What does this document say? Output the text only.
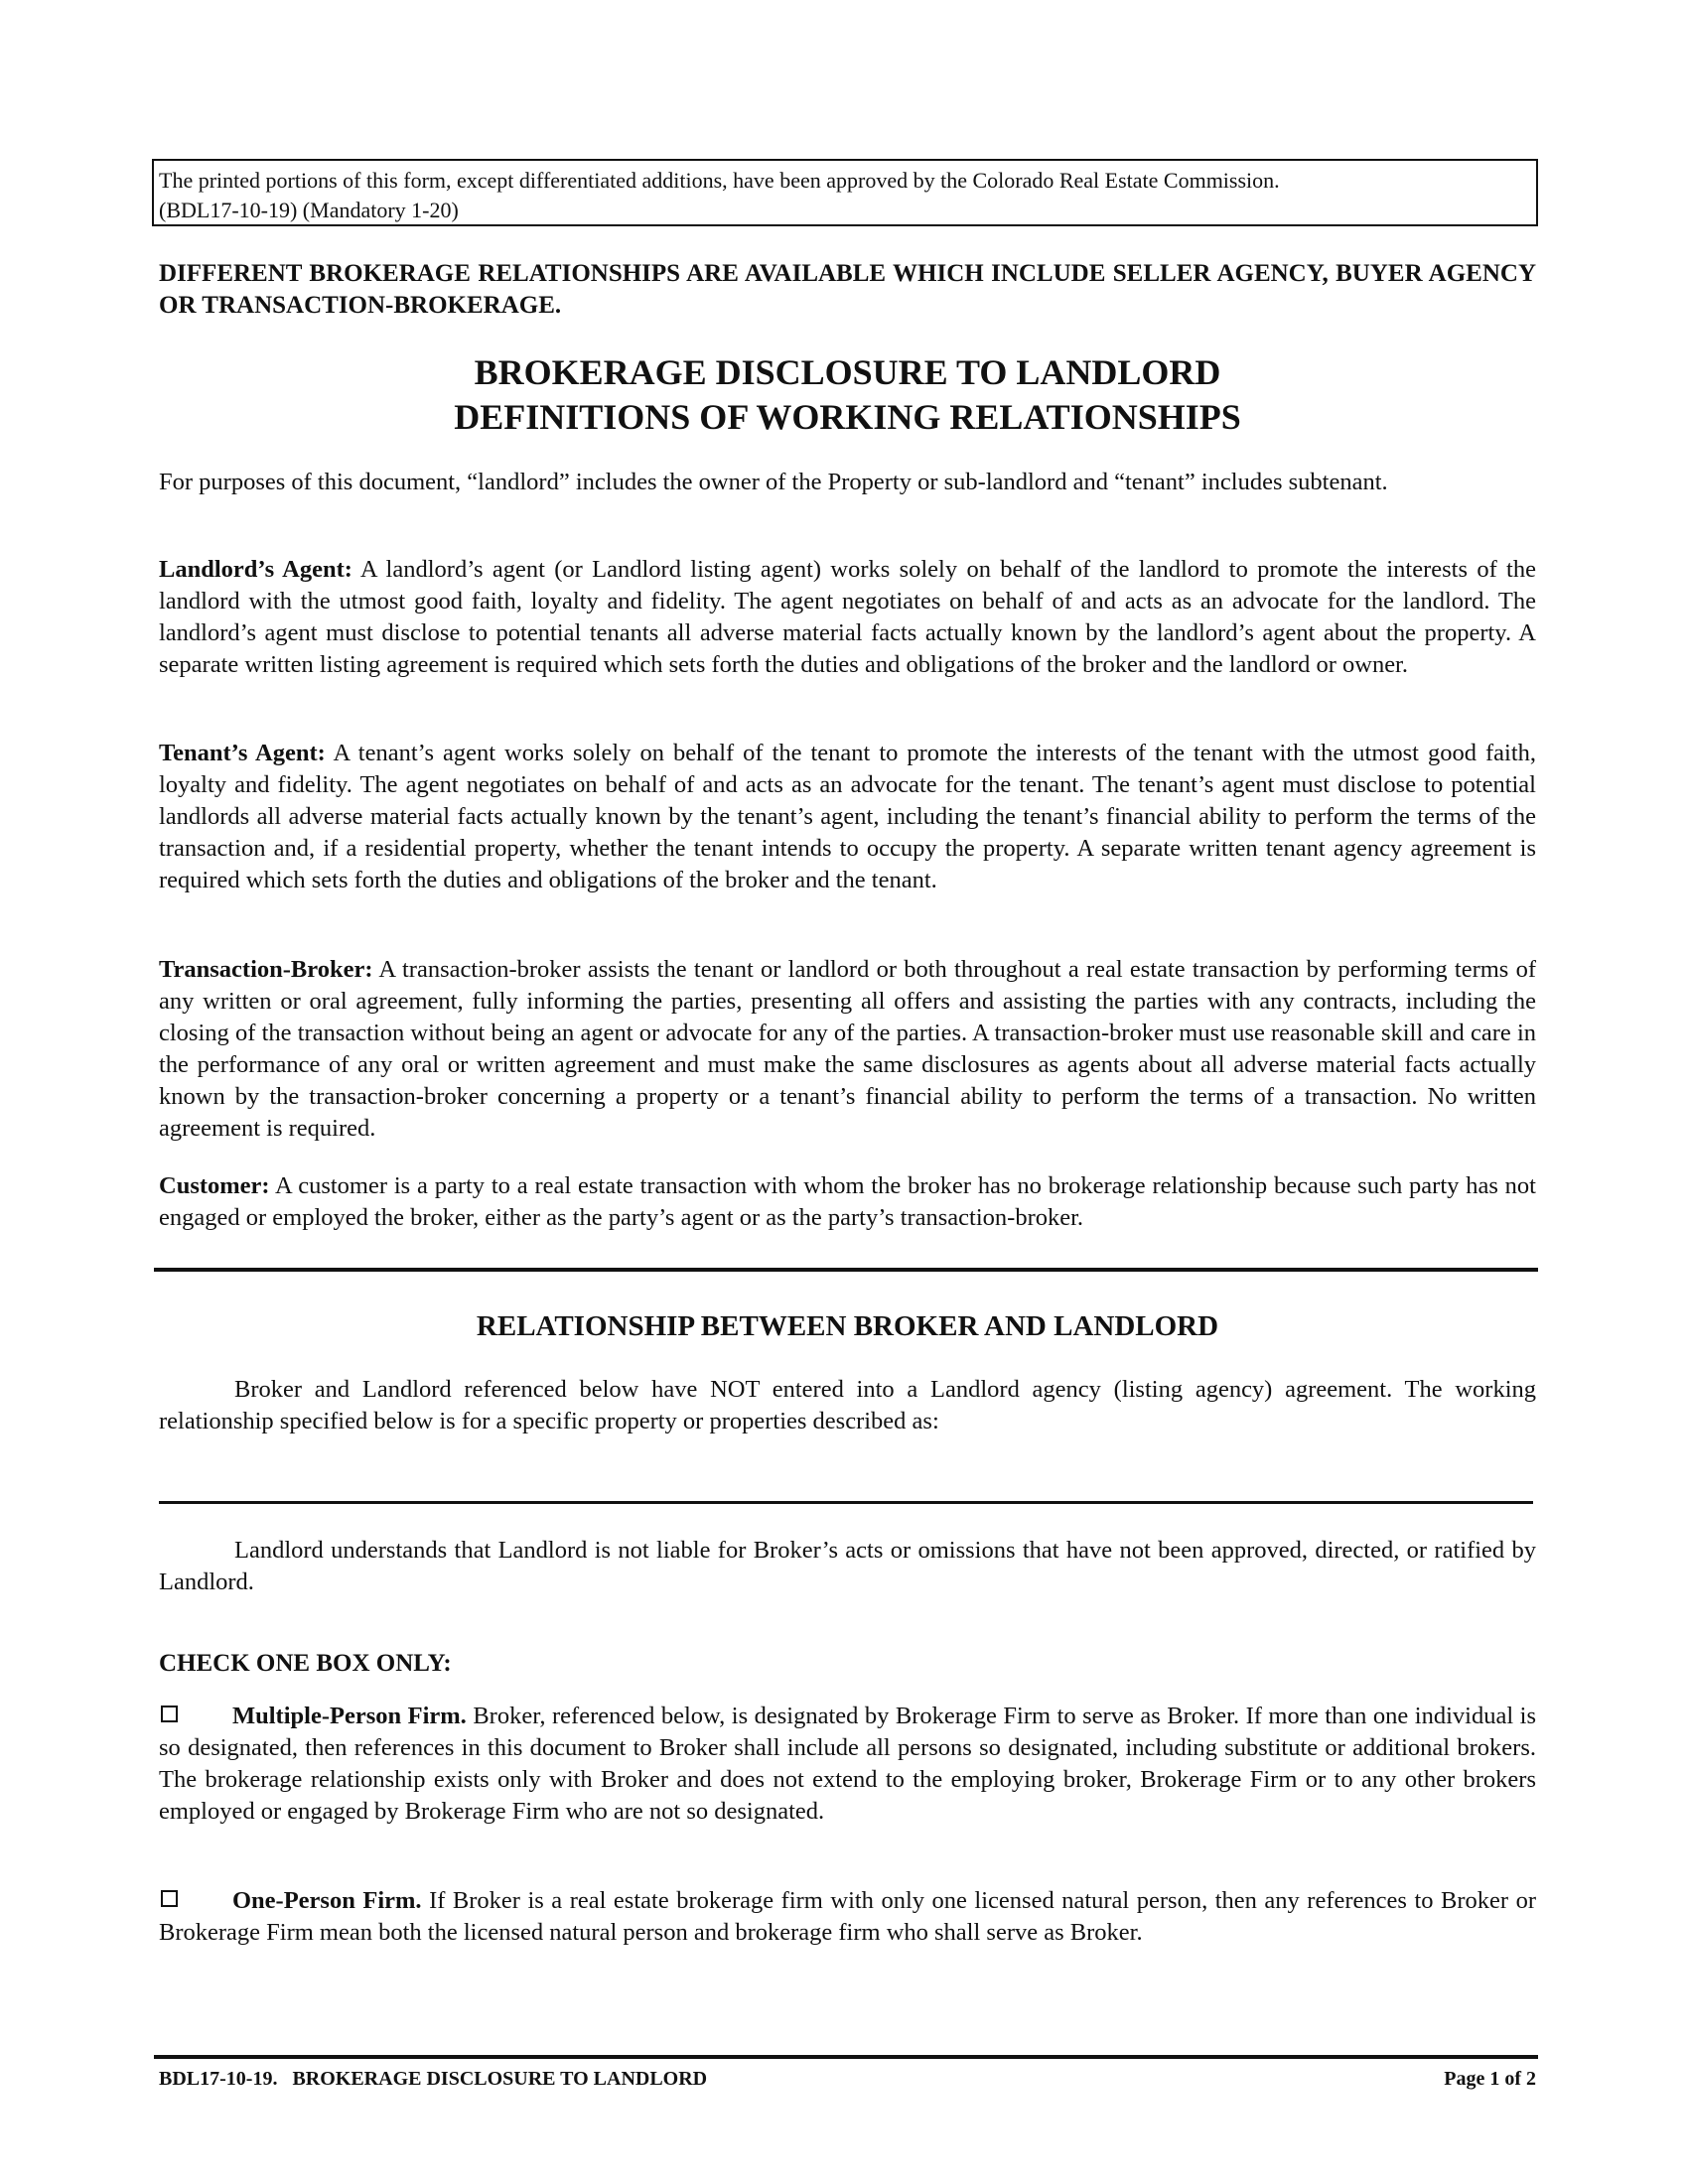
The printed portions of this form, except differentiated additions, have been approved by the Colorado Real Estate Commission.
(BDL17-10-19) (Mandatory 1-20)
DIFFERENT BROKERAGE RELATIONSHIPS ARE AVAILABLE WHICH INCLUDE SELLER AGENCY, BUYER AGENCY OR TRANSACTION-BROKERAGE.
BROKERAGE DISCLOSURE TO LANDLORD
DEFINITIONS OF WORKING RELATIONSHIPS
For purposes of this document, “landlord” includes the owner of the Property or sub-landlord and “tenant” includes subtenant.
Landlord’s Agent: A landlord’s agent (or Landlord listing agent) works solely on behalf of the landlord to promote the interests of the landlord with the utmost good faith, loyalty and fidelity. The agent negotiates on behalf of and acts as an advocate for the landlord. The landlord’s agent must disclose to potential tenants all adverse material facts actually known by the landlord’s agent about the property. A separate written listing agreement is required which sets forth the duties and obligations of the broker and the landlord or owner.
Tenant’s Agent: A tenant’s agent works solely on behalf of the tenant to promote the interests of the tenant with the utmost good faith, loyalty and fidelity. The agent negotiates on behalf of and acts as an advocate for the tenant. The tenant’s agent must disclose to potential landlords all adverse material facts actually known by the tenant’s agent, including the tenant’s financial ability to perform the terms of the transaction and, if a residential property, whether the tenant intends to occupy the property. A separate written tenant agency agreement is required which sets forth the duties and obligations of the broker and the tenant.
Transaction-Broker: A transaction-broker assists the tenant or landlord or both throughout a real estate transaction by performing terms of any written or oral agreement, fully informing the parties, presenting all offers and assisting the parties with any contracts, including the closing of the transaction without being an agent or advocate for any of the parties. A transaction-broker must use reasonable skill and care in the performance of any oral or written agreement and must make the same disclosures as agents about all adverse material facts actually known by the transaction-broker concerning a property or a tenant’s financial ability to perform the terms of a transaction. No written agreement is required.
Customer: A customer is a party to a real estate transaction with whom the broker has no brokerage relationship because such party has not engaged or employed the broker, either as the party’s agent or as the party’s transaction-broker.
RELATIONSHIP BETWEEN BROKER AND LANDLORD
Broker and Landlord referenced below have NOT entered into a Landlord agency (listing agency) agreement. The working relationship specified below is for a specific property or properties described as:
Landlord understands that Landlord is not liable for Broker’s acts or omissions that have not been approved, directed, or ratified by Landlord.
CHECK ONE BOX ONLY:
Multiple-Person Firm. Broker, referenced below, is designated by Brokerage Firm to serve as Broker. If more than one individual is so designated, then references in this document to Broker shall include all persons so designated, including substitute or additional brokers. The brokerage relationship exists only with Broker and does not extend to the employing broker, Brokerage Firm or to any other brokers employed or engaged by Brokerage Firm who are not so designated.
One-Person Firm. If Broker is a real estate brokerage firm with only one licensed natural person, then any references to Broker or Brokerage Firm mean both the licensed natural person and brokerage firm who shall serve as Broker.
BDL17-10-19.   BROKERAGE DISCLOSURE TO LANDLORD	Page 1 of 2
